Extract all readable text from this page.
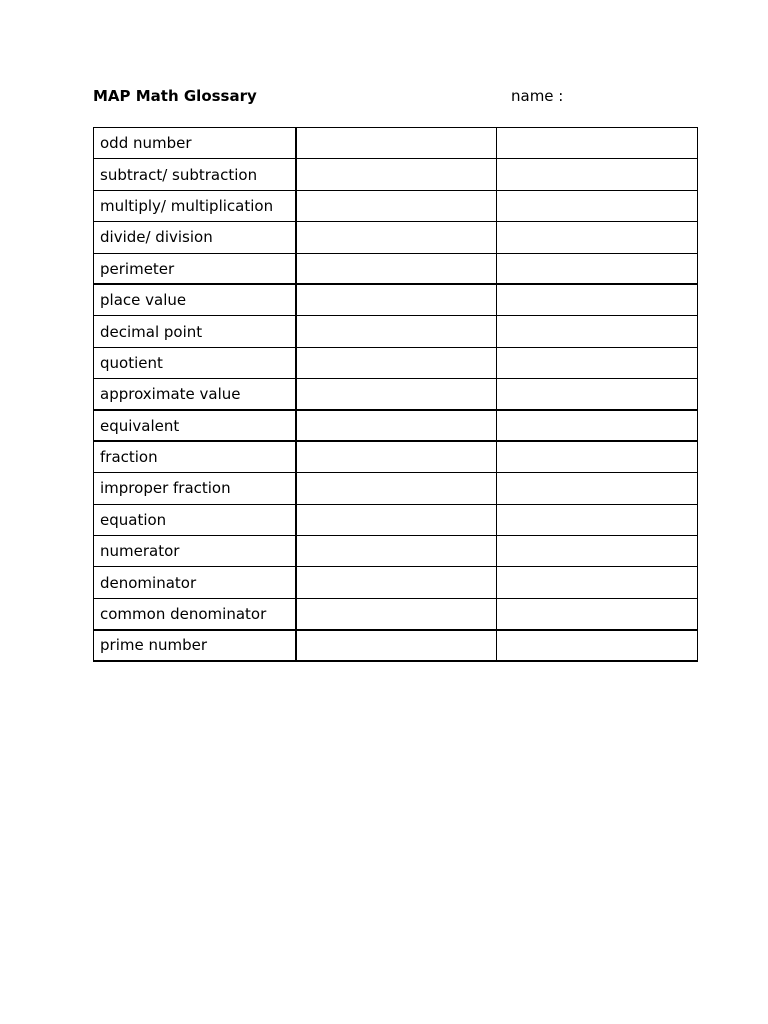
MAP Math Glossary	name :
odd number		
subtract/ subtraction		
multiply/ multiplication		
divide/ division		
perimeter		
place value		
decimal point		
quotient		
approximate value		
equivalent		
fraction		
improper fraction		
equation		
numerator		
denominator		
common denominator		
prime number		
